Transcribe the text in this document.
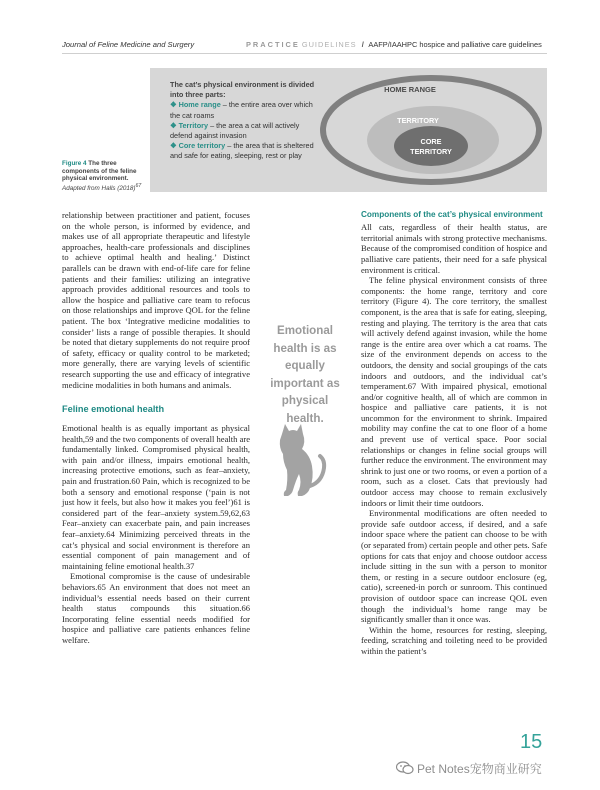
Journal of Feline Medicine and Surgery	PRACTICE GUIDELINES / AAFP/IAAHPC hospice and palliative care guidelines
The cat’s physical environment is divided into three parts:
❖ Home range – the entire area over which the cat roams
❖ Territory – the area a cat will actively defend against invasion
❖ Core territory – the area that is sheltered and safe for eating, sleeping, rest or play
HOME RANGE
TERRITORY
CORE
TERRITORY
Figure 4 The three components of the feline physical environment.
Adapted from Halls $(2018)^{67}$

relationship between practitioner and patient, focuses on the whole person, is informed by evidence, and makes use of all appropriate therapeutic and lifestyle approaches, health-care professionals and disciplines to achieve optimal health and healing.’ Distinct parallels can be drawn with end-of-life care for feline patients and their families: utilizing an integrative approach provides additional resources and tools to allow the hospice and palliative care team to refocus on those relationships and improve QOL for the feline patient. The box ‘Integrative medicine modalities to consider’ lists a range of possible therapies. It should be noted that dietary supplements do not require proof of safety, efficacy or quality control to be marketed; more generally, there are varying levels of scientific research supporting the use and efficacy of integrative medicine modalities in both humans and animals.

Feline emotional health

Emotional health is as equally important as physical health,59 and the two components of overall health are fundamentally linked. Compromised physical health, with pain and/or illness, impairs emotional health, increasing protective emotions, such as fear–anxiety, pain and frustration.60 Pain, which is recognized to be both a sensory and emotional response (‘pain is not just how it feels, but also how it makes you feel’)61 is considered part of the fear–anxiety system.59,62,63 Fear–anxiety can exacerbate pain, and pain increases fear–anxiety.64 Minimizing perceived threats in the cat’s physical and social environment is therefore an essential component of pain management and of maintaining feline emotional health.37

Emotional compromise is the cause of undesirable behaviors.65 An environment that does not meet an individual’s essential needs based on their current health status compounds this situation.66 Incorporating feline essential needs modified for hospice and palliative care patients enhances feline welfare.

Emotional health is as equally important as physical health.
Components of the cat’s physical environment

All cats, regardless of their health status, are territorial animals with strong protective mechanisms. Because of the compromised condition of hospice and palliative care patients, their need for a safe physical environment is critical.

The feline physical environment consists of three components: the home range, territory and core territory (Figure 4). The core territory, the smallest component, is the area that is safe for eating, sleeping, resting and playing. The territory is the area that cats will actively defend against invasion, while the home range is the entire area over which a cat roams. The size of the environment depends on access to the outdoors, the density and social groupings of the cats indoors and outdoors, and the individual cat’s temperament.67 With impaired physical, emotional and/or cognitive health, all of which are common in hospice and palliative care patients, it is not uncommon for the environment to shrink. Impaired mobility may confine the cat to one floor of a home and prevent use of vertical space. Poor social relationships or changes in feline social groups will further reduce the environment. The environment may shrink to just one or two rooms, or even a portion of a room, such as a closet. Cats that previously had outdoor access may choose to remain exclusively indoors or limit their time outdoors.

Environmental modifications are often needed to provide safe outdoor access, if desired, and a safe indoor space where the patient can choose to be with (or separated from) certain people and other pets. Safe options for cats that enjoy and choose outdoor access include sitting in the sun with a person to monitor them, or resting in a secure outdoor enclosure (eg, catio), screened-in porch or sunroom. This continued provision of outdoor space can increase QOL even though the individual’s home range may be significantly smaller than it once was.

Within the home, resources for resting, sleeping, feeding, scratching and toileting need to be provided within the patient’s

15
Pet Notes宠物商业研究
